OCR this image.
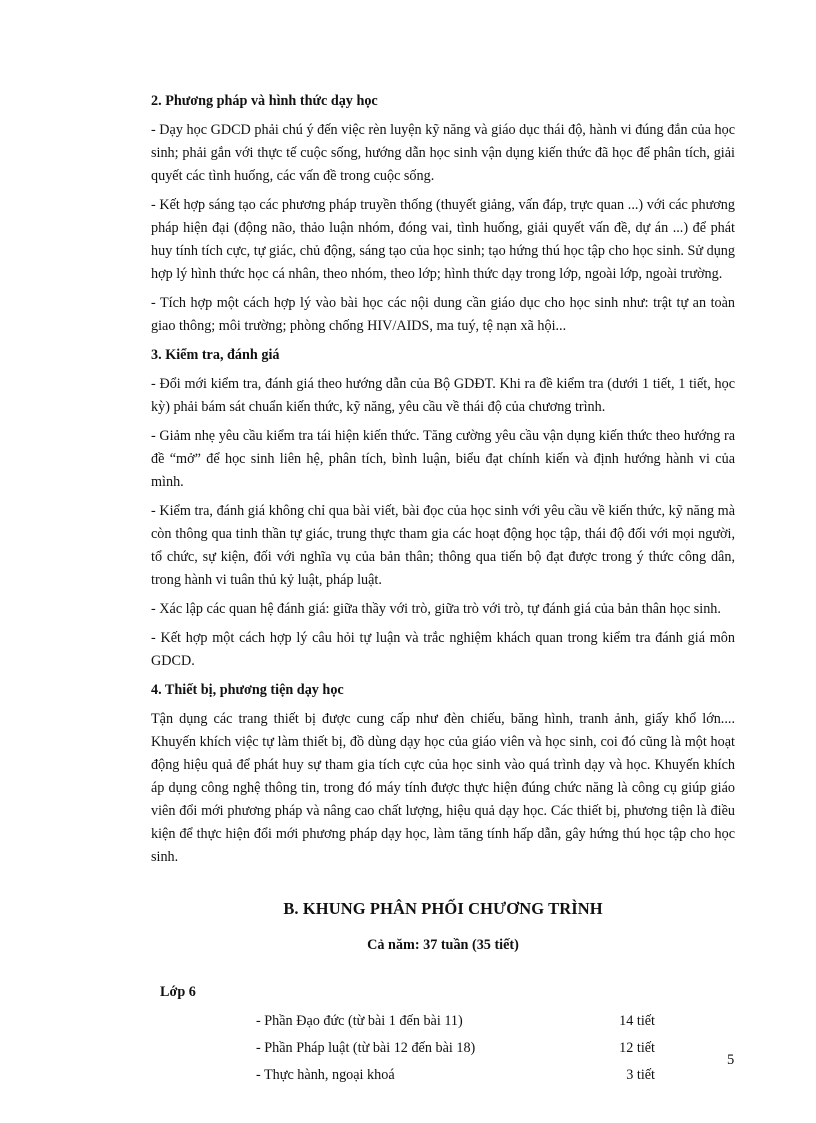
2. Phương pháp và hình thức dạy học

- Dạy học GDCD phải chú ý đến việc rèn luyện kỹ năng và giáo dục thái độ, hành vi đúng đắn của học sinh; phải gắn với thực tế cuộc sống, hướng dẫn học sinh vận dụng kiến thức đã học để phân tích, giải quyết các tình huống, các vấn đề trong cuộc sống.

- Kết hợp sáng tạo các phương pháp truyền thống (thuyết giảng, vấn đáp, trực quan ...) với các phương pháp hiện đại (động não, thảo luận nhóm, đóng vai, tình huống, giải quyết vấn đề, dự án ...) để phát huy tính tích cực, tự giác, chủ động, sáng tạo của học sinh; tạo hứng thú học tập cho học sinh. Sử dụng hợp lý hình thức học cá nhân, theo nhóm, theo lớp; hình thức dạy trong lớp, ngoài lớp, ngoài trường.

- Tích hợp một cách hợp lý vào bài học các nội dung cần giáo dục cho học sinh như: trật tự an toàn giao thông; môi trường; phòng chống HIV/AIDS, ma tuý, tệ nạn xã hội...

3. Kiểm tra, đánh giá

- Đổi mới kiểm tra, đánh giá theo hướng dẫn của Bộ GDĐT. Khi ra đề kiểm tra (dưới 1 tiết, 1 tiết, học kỳ) phải bám sát chuẩn kiến thức, kỹ năng, yêu cầu về thái độ của chương trình.

- Giảm nhẹ yêu cầu kiểm tra tái hiện kiến thức. Tăng cường yêu cầu vận dụng kiến thức theo hướng ra đề “mở” để học sinh liên hệ, phân tích, bình luận, biểu đạt chính kiến và định hướng hành vi của mình.

- Kiểm tra, đánh giá không chỉ qua bài viết, bài đọc của học sinh với yêu cầu về kiến thức, kỹ năng mà còn thông qua tinh thần tự giác, trung thực tham gia các hoạt động học tập, thái độ đối với mọi người, tổ chức, sự kiện, đối với nghĩa vụ của bản thân; thông qua tiến bộ đạt được trong ý thức công dân, trong hành vi tuân thủ kỷ luật, pháp luật.

- Xác lập các quan hệ đánh giá: giữa thầy với trò, giữa trò với trò, tự đánh giá của bản thân học sinh.

- Kết hợp một cách hợp lý câu hỏi tự luận và trắc nghiệm khách quan trong kiểm tra đánh giá môn GDCD.

4. Thiết bị, phương tiện dạy học

Tận dụng các trang thiết bị được cung cấp như đèn chiếu, băng hình, tranh ảnh, giấy khổ lớn.... Khuyến khích việc tự làm thiết bị, đồ dùng dạy học của giáo viên và học sinh, coi đó cũng là một hoạt động hiệu quả để phát huy sự tham gia tích cực của học sinh vào quá trình dạy và học. Khuyến khích áp dụng công nghệ thông tin, trong đó máy tính được thực hiện đúng chức năng là công cụ giúp giáo viên đổi mới phương pháp và nâng cao chất lượng, hiệu quả dạy học. Các thiết bị, phương tiện là điều kiện để thực hiện đổi mới phương pháp dạy học, làm tăng tính hấp dẫn, gây hứng thú học tập cho học sinh.

B. KHUNG PHÂN PHỐI CHƯƠNG TRÌNH
Cả năm: 37 tuần (35 tiết)
Lớp 6
- Phần Đạo đức (từ bài 1 đến bài 11)	14 tiết
- Phần Pháp luật (từ bài 12 đến bài 18)	12 tiết
- Thực hành, ngoại khoá	3 tiết
5
